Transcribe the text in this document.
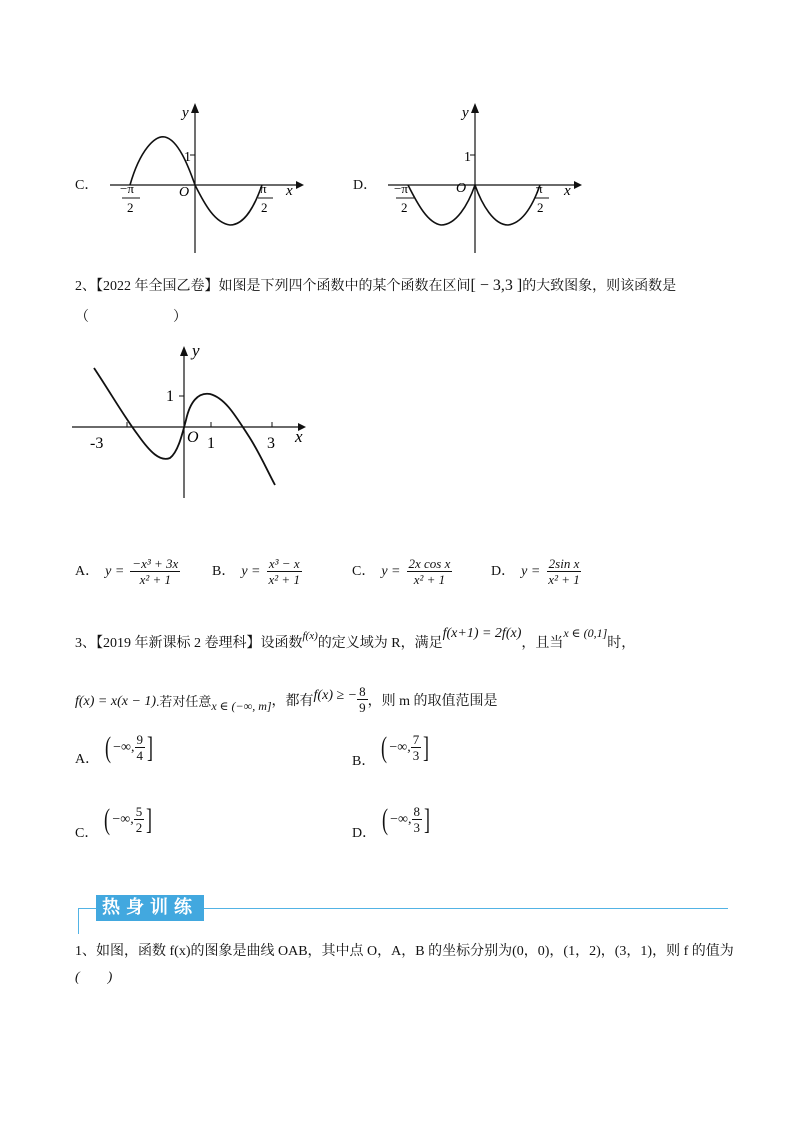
C．
y
x
1
O
−π
2
π
2
D．
y
x
1
O
−π
2
π
2
2、【2022 年全国乙卷】如图是下列四个函数中的某个函数在区间[ − 3,3 ]的大致图象，则该函数是
（　　　　　　）
y
x
1
O
-3	1	3
A． $y = \frac{\text{−x³ + 3x}}{\text{x² + 1}}$ B． $y = \frac{\text{x³ − x}}{\text{x² + 1}}$	C． $y = \frac{\text{2x cos x}}{\text{x² + 1}}$	D． $y = \frac{\text{2sin x}}{\text{x² + 1}}$
3、【2019 年新课标 2 卷理科】设函数$^{f(x)}$的定义域为 R，满足f(x+1) = 2f(x)，且当x ∈ (0,1]时，
f(x) = x(x − 1) .若对任意 x ∈ (−∞, m] ，都有 f(x) ≥ − $\frac{8}{9}$ ，则 m 的取值范围是
A． ( −∞, $\frac{9}{4}$ ]	B． ( −∞, $\frac{7}{3}$ ]
C． ( −∞, $\frac{5}{2}$ ]	D． ( −∞, $\frac{8}{3}$ ]
热身训练
1、如图，函数 f(x)的图象是曲线 OAB，其中点 O，A，B 的坐标分别为(0，0)，(1，2)，(3，1)，则 f 的值为
(　　)
